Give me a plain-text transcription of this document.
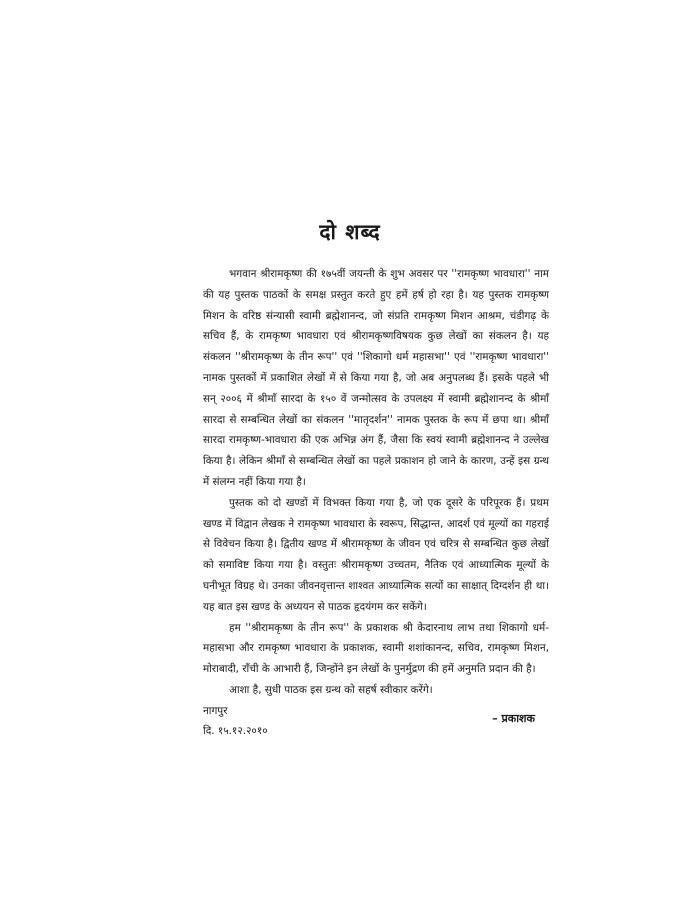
दो शब्द

भगवान श्रीरामकृष्ण की १७५वीं जयन्ती के शुभ अवसर पर ''रामकृष्ण भावधारा'' नाम की यह पुस्तक पाठकों के समक्ष प्रस्तुत करते हुए हमें हर्ष हो रहा है। यह पुस्तक रामकृष्ण मिशन के वरिष्ठ संन्यासी स्वामी ब्रह्मेशानन्द, जो संप्रति रामकृष्ण मिशन आश्रम, चंडीगढ़ के सचिव हैं, के रामकृष्ण भावधारा एवं श्रीरामकृष्णविषयक कुछ लेखों का संकलन है। यह संकलन ''श्रीरामकृष्ण के तीन रूप'' एवं ''शिकागो धर्म महासभा'' एवं ''रामकृष्ण भावधारा'' नामक पुस्तकों में प्रकाशित लेखों में से किया गया है, जो अब अनुपलब्ध हैं। इसके पहले भी सन् २००६ में श्रीमाँ सारदा के १५० वें जन्मोत्सव के उपलक्ष्य में स्वामी ब्रह्मेशानन्द के श्रीमाँ सारदा से सम्बन्धित लेखों का संकलन ''मातृदर्शन'' नामक पुस्तक के रूप में छपा था। श्रीमाँ सारदा रामकृष्ण-भावधारा की एक अभिन्न अंग हैं, जैसा कि स्वयं स्वामी ब्रह्मेशानन्द ने उल्लेख किया है। लेकिन श्रीमाँ से सम्बन्धित लेखों का पहले प्रकाशन हो जाने के कारण, उन्हें इस ग्रन्थ में संलग्न नहीं किया गया है।

पुस्तक को दो खण्डों में विभक्त किया गया है, जो एक दूसरे के परिपूरक हैं। प्रथम खण्ड में विद्वान लेखक ने रामकृष्ण भावधारा के स्वरूप, सिद्धान्त, आदर्श एवं मूल्यों का गहराई से विवेचन किया है। द्वितीय खण्ड में श्रीरामकृष्ण के जीवन एवं चरित्र से सम्बन्धित कुछ लेखों को समाविष्ट किया गया है। वस्तुतः श्रीरामकृष्ण उच्चतम, नैतिक एवं आध्यात्मिक मूल्यों के घनीभूत विग्रह थे। उनका जीवनवृत्तान्त शाश्वत आध्यात्मिक सत्यों का साक्षात् दिग्दर्शन ही था। यह बात इस खण्ड के अध्ययन से पाठक हृदयंगम कर सकेंगे।

हम ''श्रीरामकृष्ण के तीन रूप'' के प्रकाशक श्री केदारनाथ लाभ तथा शिकागो धर्म-महासभा और रामकृष्ण भावधारा के प्रकाशक, स्वामी शशांकानन्द, सचिव, रामकृष्ण मिशन, मोराबादी, राँची के आभारी हैं, जिन्होंने इन लेखों के पुनर्मुद्रण की हमें अनुमति प्रदान की है।

आशा है, सुधी पाठक इस ग्रन्थ को सहर्ष स्वीकार करेंगे।

नागपुर
दि. १५.१२.२०१०
– प्रकाशक
